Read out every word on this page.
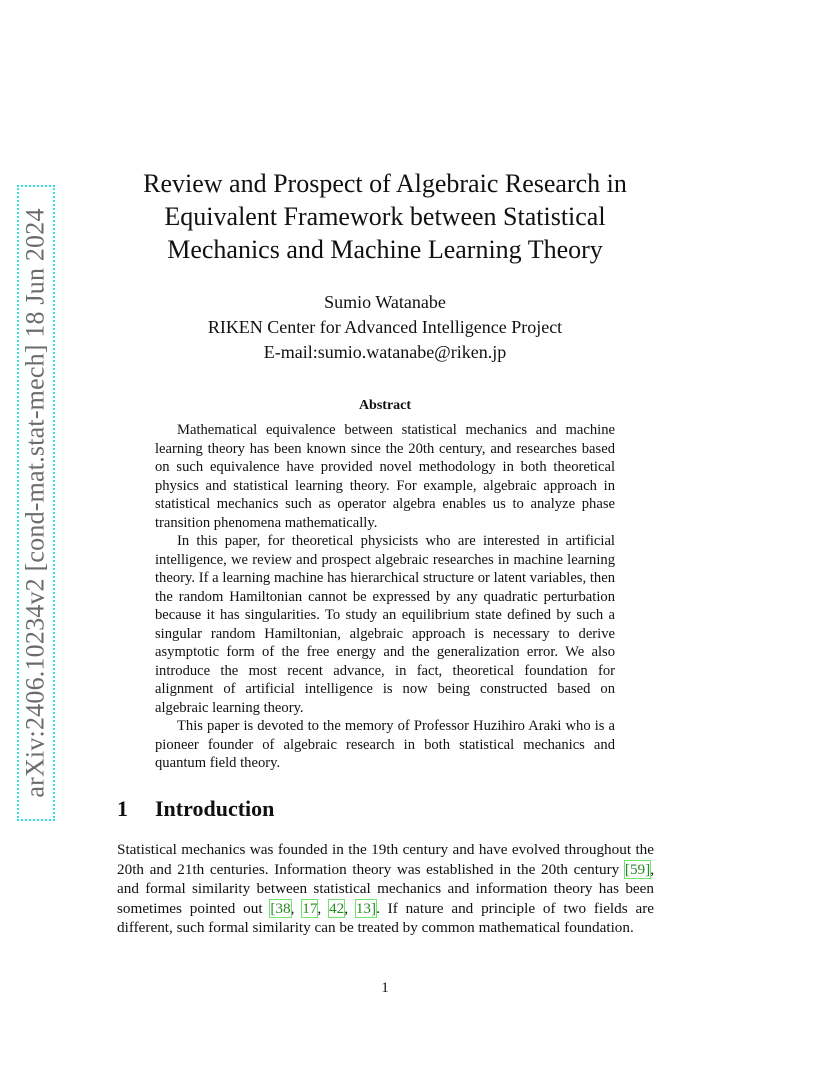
arXiv:2406.10234v2 [cond-mat.stat-mech] 18 Jun 2024
Review and Prospect of Algebraic Research in
Equivalent Framework between Statistical
Mechanics and Machine Learning Theory
Sumio Watanabe
RIKEN Center for Advanced Intelligence Project
E-mail:sumio.watanabe@riken.jp
Abstract

Mathematical equivalence between statistical mechanics and machine learning theory has been known since the 20th century, and researches based on such equivalence have provided novel methodology in both theoretical physics and statistical learning theory. For example, algebraic approach in statistical mechanics such as operator algebra enables us to analyze phase transition phenomena mathematically.

In this paper, for theoretical physicists who are interested in artificial intelligence, we review and prospect algebraic researches in machine learning theory. If a learning machine has hierarchical structure or latent variables, then the random Hamiltonian cannot be expressed by any quadratic perturbation because it has singularities. To study an equilibrium state defined by such a singular random Hamiltonian, algebraic approach is necessary to derive asymptotic form of the free energy and the generalization error. We also introduce the most recent advance, in fact, theoretical foundation for alignment of artificial intelligence is now being constructed based on algebraic learning theory.

This paper is devoted to the memory of Professor Huzihiro Araki who is a pioneer founder of algebraic research in both statistical mechanics and quantum field theory.

1 Introduction

Statistical mechanics was founded in the 19th century and have evolved throughout the 20th and 21th centuries. Information theory was established in the 20th century [59], and formal similarity between statistical mechanics and information theory has been sometimes pointed out [38, 17, 42, 13]. If nature and principle of two fields are different, such formal similarity can be treated by common mathematical foundation.

1
